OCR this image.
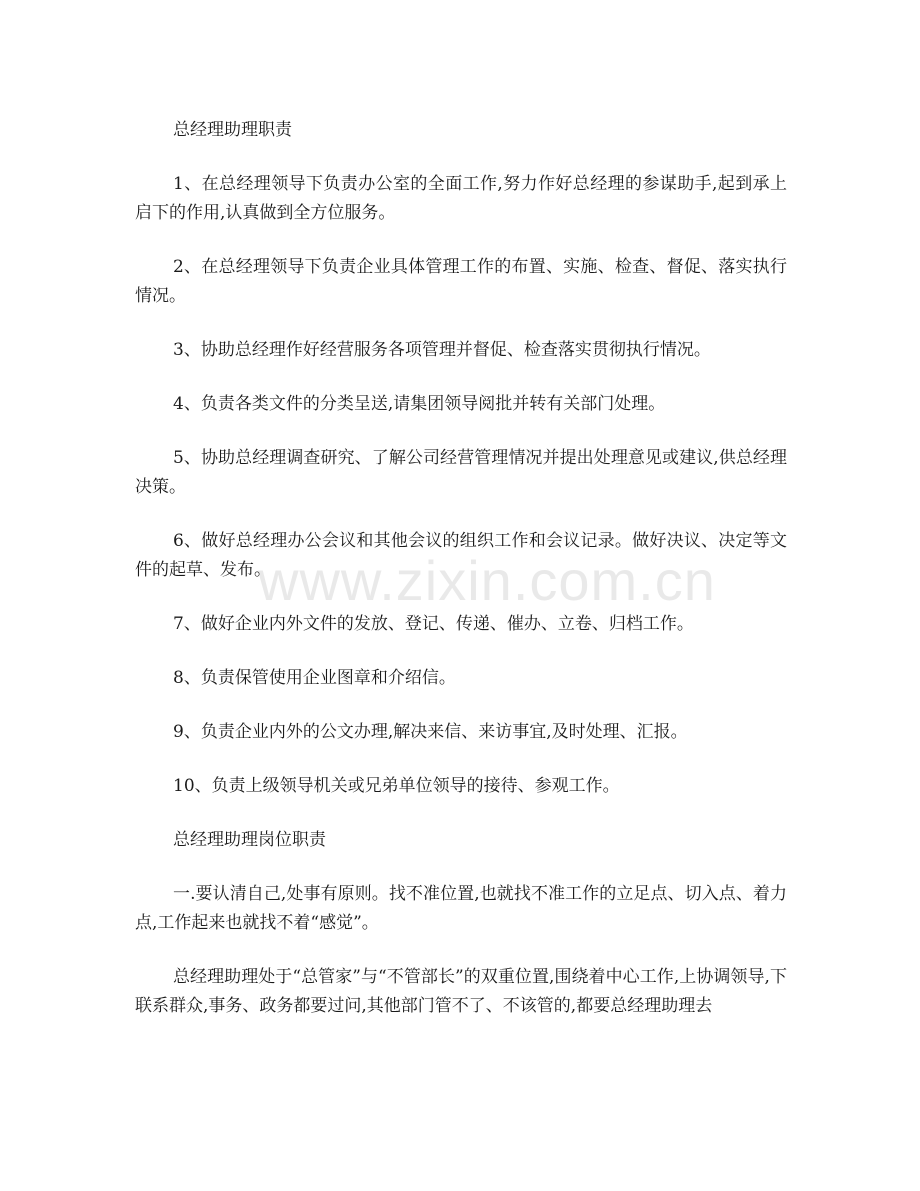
总经理助理职责

1、在总经理领导下负责办公室的全面工作,努力作好总经理的参谋助手,起到承上启下的作用,认真做到全方位服务。

2、在总经理领导下负责企业具体管理工作的布置、实施、检查、督促、落实执行情况。

3、协助总经理作好经营服务各项管理并督促、检查落实贯彻执行情况。

4、负责各类文件的分类呈送,请集团领导阅批并转有关部门处理。

5、协助总经理调查研究、了解公司经营管理情况并提出处理意见或建议,供总经理决策。

6、做好总经理办公会议和其他会议的组织工作和会议记录。做好决议、决定等文件的起草、发布。

7、做好企业内外文件的发放、登记、传递、催办、立卷、归档工作。

8、负责保管使用企业图章和介绍信。

9、负责企业内外的公文办理,解决来信、来访事宜,及时处理、汇报。

10、负责上级领导机关或兄弟单位领导的接待、参观工作。

总经理助理岗位职责

一.要认清自己,处事有原则。找不准位置,也就找不准工作的立足点、切入点、着力点,工作起来也就找不着“感觉”。

总经理助理处于“总管家”与“不管部长”的双重位置,围绕着中心工作,上协调领导,下联系群众,事务、政务都要过问,其他部门管不了、不该管的,都要总经理助理去

www.zixin.com.cn
